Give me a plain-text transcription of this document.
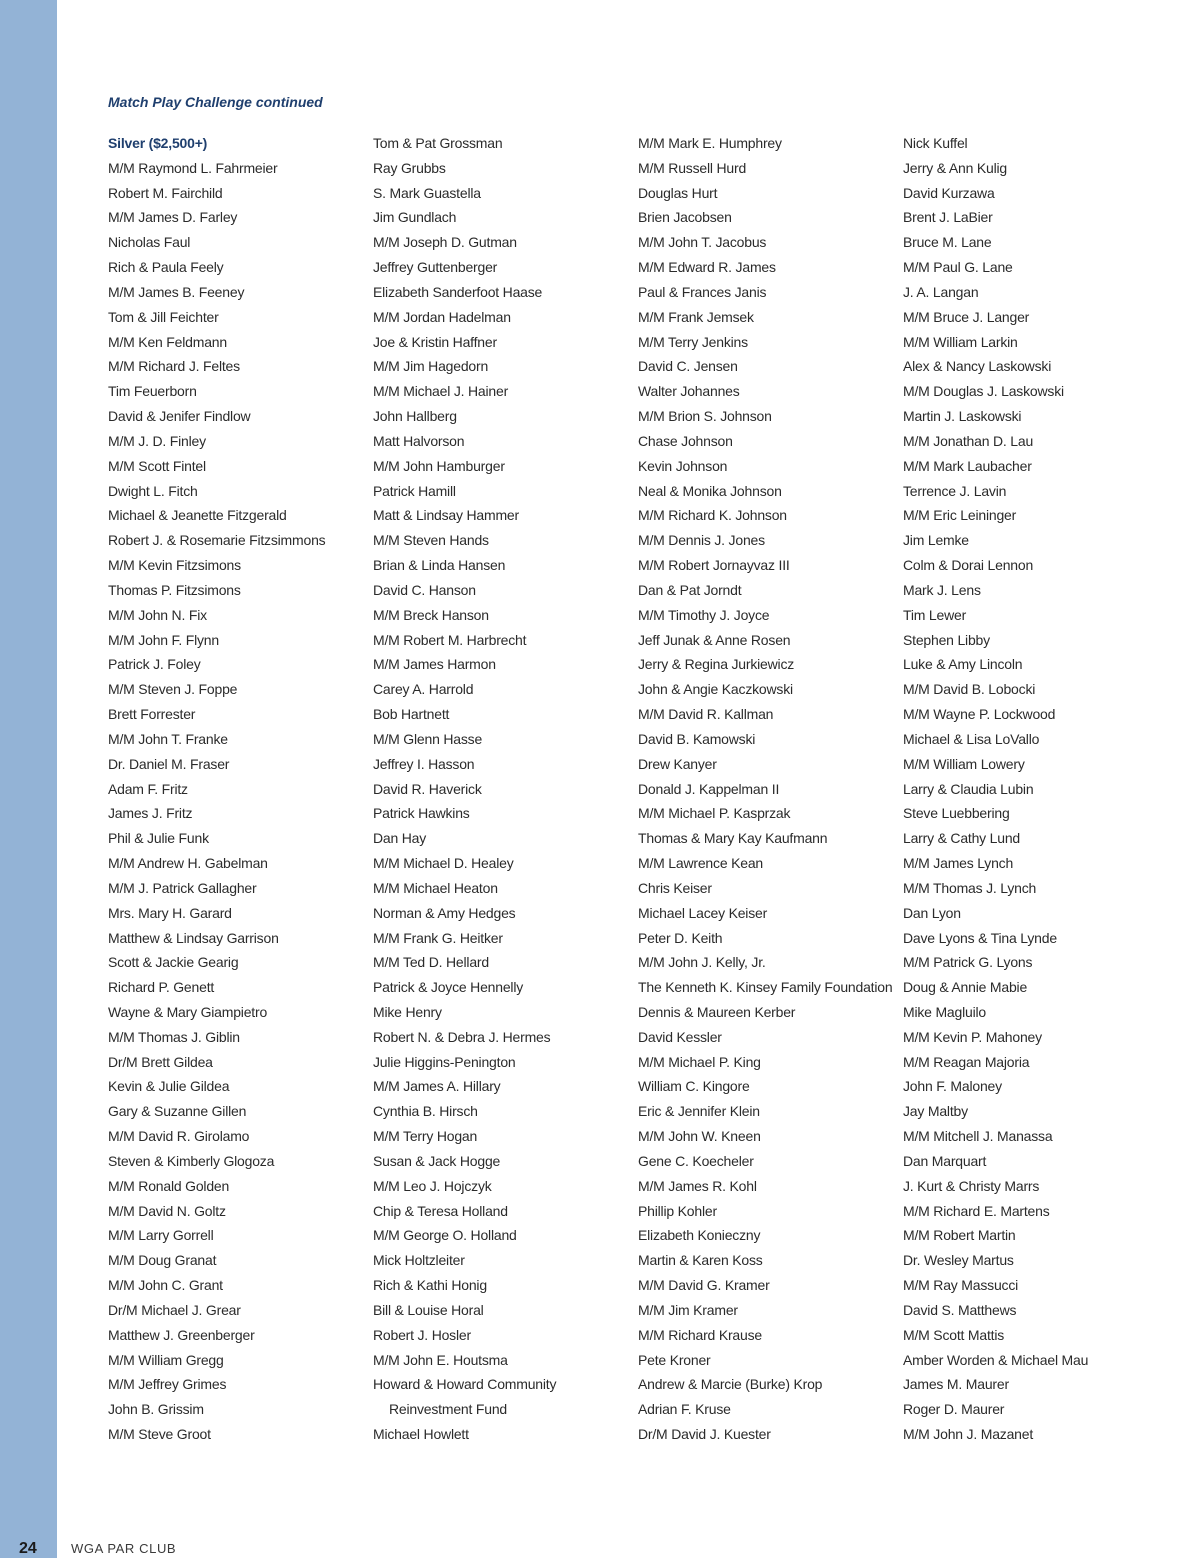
Match Play Challenge continued
Silver ($2,500+)
M/M Raymond L. Fahrmeier
Robert M. Fairchild
M/M James D. Farley
Nicholas Faul
Rich & Paula Feely
M/M James B. Feeney
Tom & Jill Feichter
M/M Ken Feldmann
M/M Richard J. Feltes
Tim Feuerborn
David & Jenifer Findlow
M/M J. D. Finley
M/M Scott Fintel
Dwight L. Fitch
Michael & Jeanette Fitzgerald
Robert J. & Rosemarie Fitzsimmons
M/M Kevin Fitzsimons
Thomas P. Fitzsimons
M/M John N. Fix
M/M John F. Flynn
Patrick J. Foley
M/M Steven J. Foppe
Brett Forrester
M/M John T. Franke
Dr. Daniel M. Fraser
Adam F. Fritz
James J. Fritz
Phil & Julie Funk
M/M Andrew H. Gabelman
M/M J. Patrick Gallagher
Mrs. Mary H. Garard
Matthew & Lindsay Garrison
Scott & Jackie Gearig
Richard P. Genett
Wayne & Mary Giampietro
M/M Thomas J. Giblin
Dr/M Brett Gildea
Kevin & Julie Gildea
Gary & Suzanne Gillen
M/M David R. Girolamo
Steven & Kimberly Glogoza
M/M Ronald Golden
M/M David N. Goltz
M/M Larry Gorrell
M/M Doug Granat
M/M John C. Grant
Dr/M Michael J. Grear
Matthew J. Greenberger
M/M William Gregg
M/M Jeffrey Grimes
John B. Grissim
M/M Steve Groot
Tom & Pat Grossman
Ray Grubbs
S. Mark Guastella
Jim Gundlach
M/M Joseph D. Gutman
Jeffrey Guttenberger
Elizabeth Sanderfoot Haase
M/M Jordan Hadelman
Joe & Kristin Haffner
M/M Jim Hagedorn
M/M Michael J. Hainer
John Hallberg
Matt Halvorson
M/M John Hamburger
Patrick Hamill
Matt & Lindsay Hammer
M/M Steven Hands
Brian & Linda Hansen
David C. Hanson
M/M Breck Hanson
M/M Robert M. Harbrecht
M/M James Harmon
Carey A. Harrold
Bob Hartnett
M/M Glenn Hasse
Jeffrey I. Hasson
David R. Haverick
Patrick Hawkins
Dan Hay
M/M Michael D. Healey
M/M Michael Heaton
Norman & Amy Hedges
M/M Frank G. Heitker
M/M Ted D. Hellard
Patrick & Joyce Hennelly
Mike Henry
Robert N. & Debra J. Hermes
Julie Higgins-Penington
M/M James A. Hillary
Cynthia B. Hirsch
M/M Terry Hogan
Susan & Jack Hogge
M/M Leo J. Hojczyk
Chip & Teresa Holland
M/M George O. Holland
Mick Holtzleiter
Rich & Kathi Honig
Bill & Louise Horal
Robert J. Hosler
M/M John E. Houtsma
Howard & Howard Community
Reinvestment Fund
Michael Howlett
M/M Mark E. Humphrey
M/M Russell Hurd
Douglas Hurt
Brien Jacobsen
M/M John T. Jacobus
M/M Edward R. James
Paul & Frances Janis
M/M Frank Jemsek
M/M Terry Jenkins
David C. Jensen
Walter Johannes
M/M Brion S. Johnson
Chase Johnson
Kevin Johnson
Neal & Monika Johnson
M/M Richard K. Johnson
M/M Dennis J. Jones
M/M Robert Jornayvaz III
Dan & Pat Jorndt
M/M Timothy J. Joyce
Jeff Junak & Anne Rosen
Jerry & Regina Jurkiewicz
John & Angie Kaczkowski
M/M David R. Kallman
David B. Kamowski
Drew Kanyer
Donald J. Kappelman II
M/M Michael P. Kasprzak
Thomas & Mary Kay Kaufmann
M/M Lawrence Kean
Chris Keiser
Michael Lacey Keiser
Peter D. Keith
M/M John J. Kelly, Jr.
The Kenneth K. Kinsey Family Foundation
Dennis & Maureen Kerber
David Kessler
M/M Michael P. King
William C. Kingore
Eric & Jennifer Klein
M/M John W. Kneen
Gene C. Koecheler
M/M James R. Kohl
Phillip Kohler
Elizabeth Konieczny
Martin & Karen Koss
M/M David G. Kramer
M/M Jim Kramer
M/M Richard Krause
Pete Kroner
Andrew & Marcie (Burke) Krop
Adrian F. Kruse
Dr/M David J. Kuester
Nick Kuffel
Jerry & Ann Kulig
David Kurzawa
Brent J. LaBier
Bruce M. Lane
M/M Paul G. Lane
J. A. Langan
M/M Bruce J. Langer
M/M William Larkin
Alex & Nancy Laskowski
M/M Douglas J. Laskowski
Martin J. Laskowski
M/M Jonathan D. Lau
M/M Mark Laubacher
Terrence J. Lavin
M/M Eric Leininger
Jim Lemke
Colm & Dorai Lennon
Mark J. Lens
Tim Lewer
Stephen Libby
Luke & Amy Lincoln
M/M David B. Lobocki
M/M Wayne P. Lockwood
Michael & Lisa LoVallo
M/M William Lowery
Larry & Claudia Lubin
Steve Luebbering
Larry & Cathy Lund
M/M James Lynch
M/M Thomas J. Lynch
Dan Lyon
Dave Lyons & Tina Lynde
M/M Patrick G. Lyons
Doug & Annie Mabie
Mike Magluilo
M/M Kevin P. Mahoney
M/M Reagan Majoria
John F. Maloney
Jay Maltby
M/M Mitchell J. Manassa
Dan Marquart
J. Kurt & Christy Marrs
M/M Richard E. Martens
M/M Robert Martin
Dr. Wesley Martus
M/M Ray Massucci
David S. Matthews
M/M Scott Mattis
Amber Worden & Michael Mau
James M. Maurer
Roger D. Maurer
M/M John J. Mazanet
24	WGA PAR CLUB
